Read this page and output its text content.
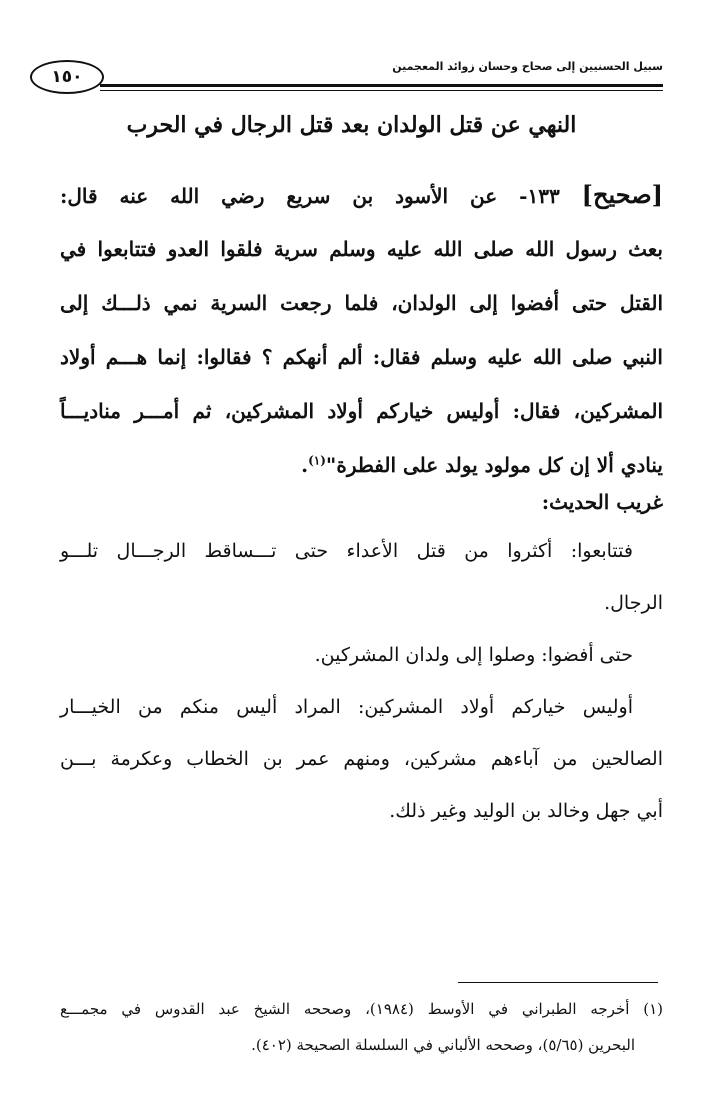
سبيل الحسنيين إلى صحاح وحسان زوائد المعجمين
١٥٠
النهي عن قتل الولدان بعد قتل الرجال في الحرب
[صحيح] ١٣٣- عن الأسود بن سريع رضي الله عنه قال:
بعث رسول الله صلى الله عليه وسلم سرية فلقوا العدو فتتابعوا في
القتل حتى أفضوا إلى الولدان، فلما رجعت السرية نمي ذلـــك إلى
النبي صلى الله عليه وسلم فقال: ألم أنهكم ؟ فقالوا: إنما هـــم أولاد
المشركين، فقال: أوليس خياركم أولاد المشركين، ثم أمـــر مناديـــاً
ينادي ألا إن كل مولود يولد على الفطرة"$^{(١)}$.
غريب الحديث:
فتتابعوا: أكثروا من قتل الأعداء حتى تـــساقط الرجـــال تلـــو
الرجال.
حتى أفضوا: وصلوا إلى ولدان المشركين.
أوليس خياركم أولاد المشركين: المراد أليس منكم من الخيـــار
الصالحين من آباءهم مشركين، ومنهم عمر بن الخطاب وعكرمة بـــن
أبي جهل وخالد بن الوليد وغير ذلك.
(١) أخرجه الطبراني في الأوسط (١٩٨٤)، وصححه الشيخ عبد القدوس في مجمـــع
البحرين (٥/٦٥)، وصححه الألباني في السلسلة الصحيحة (٤٠٢).
